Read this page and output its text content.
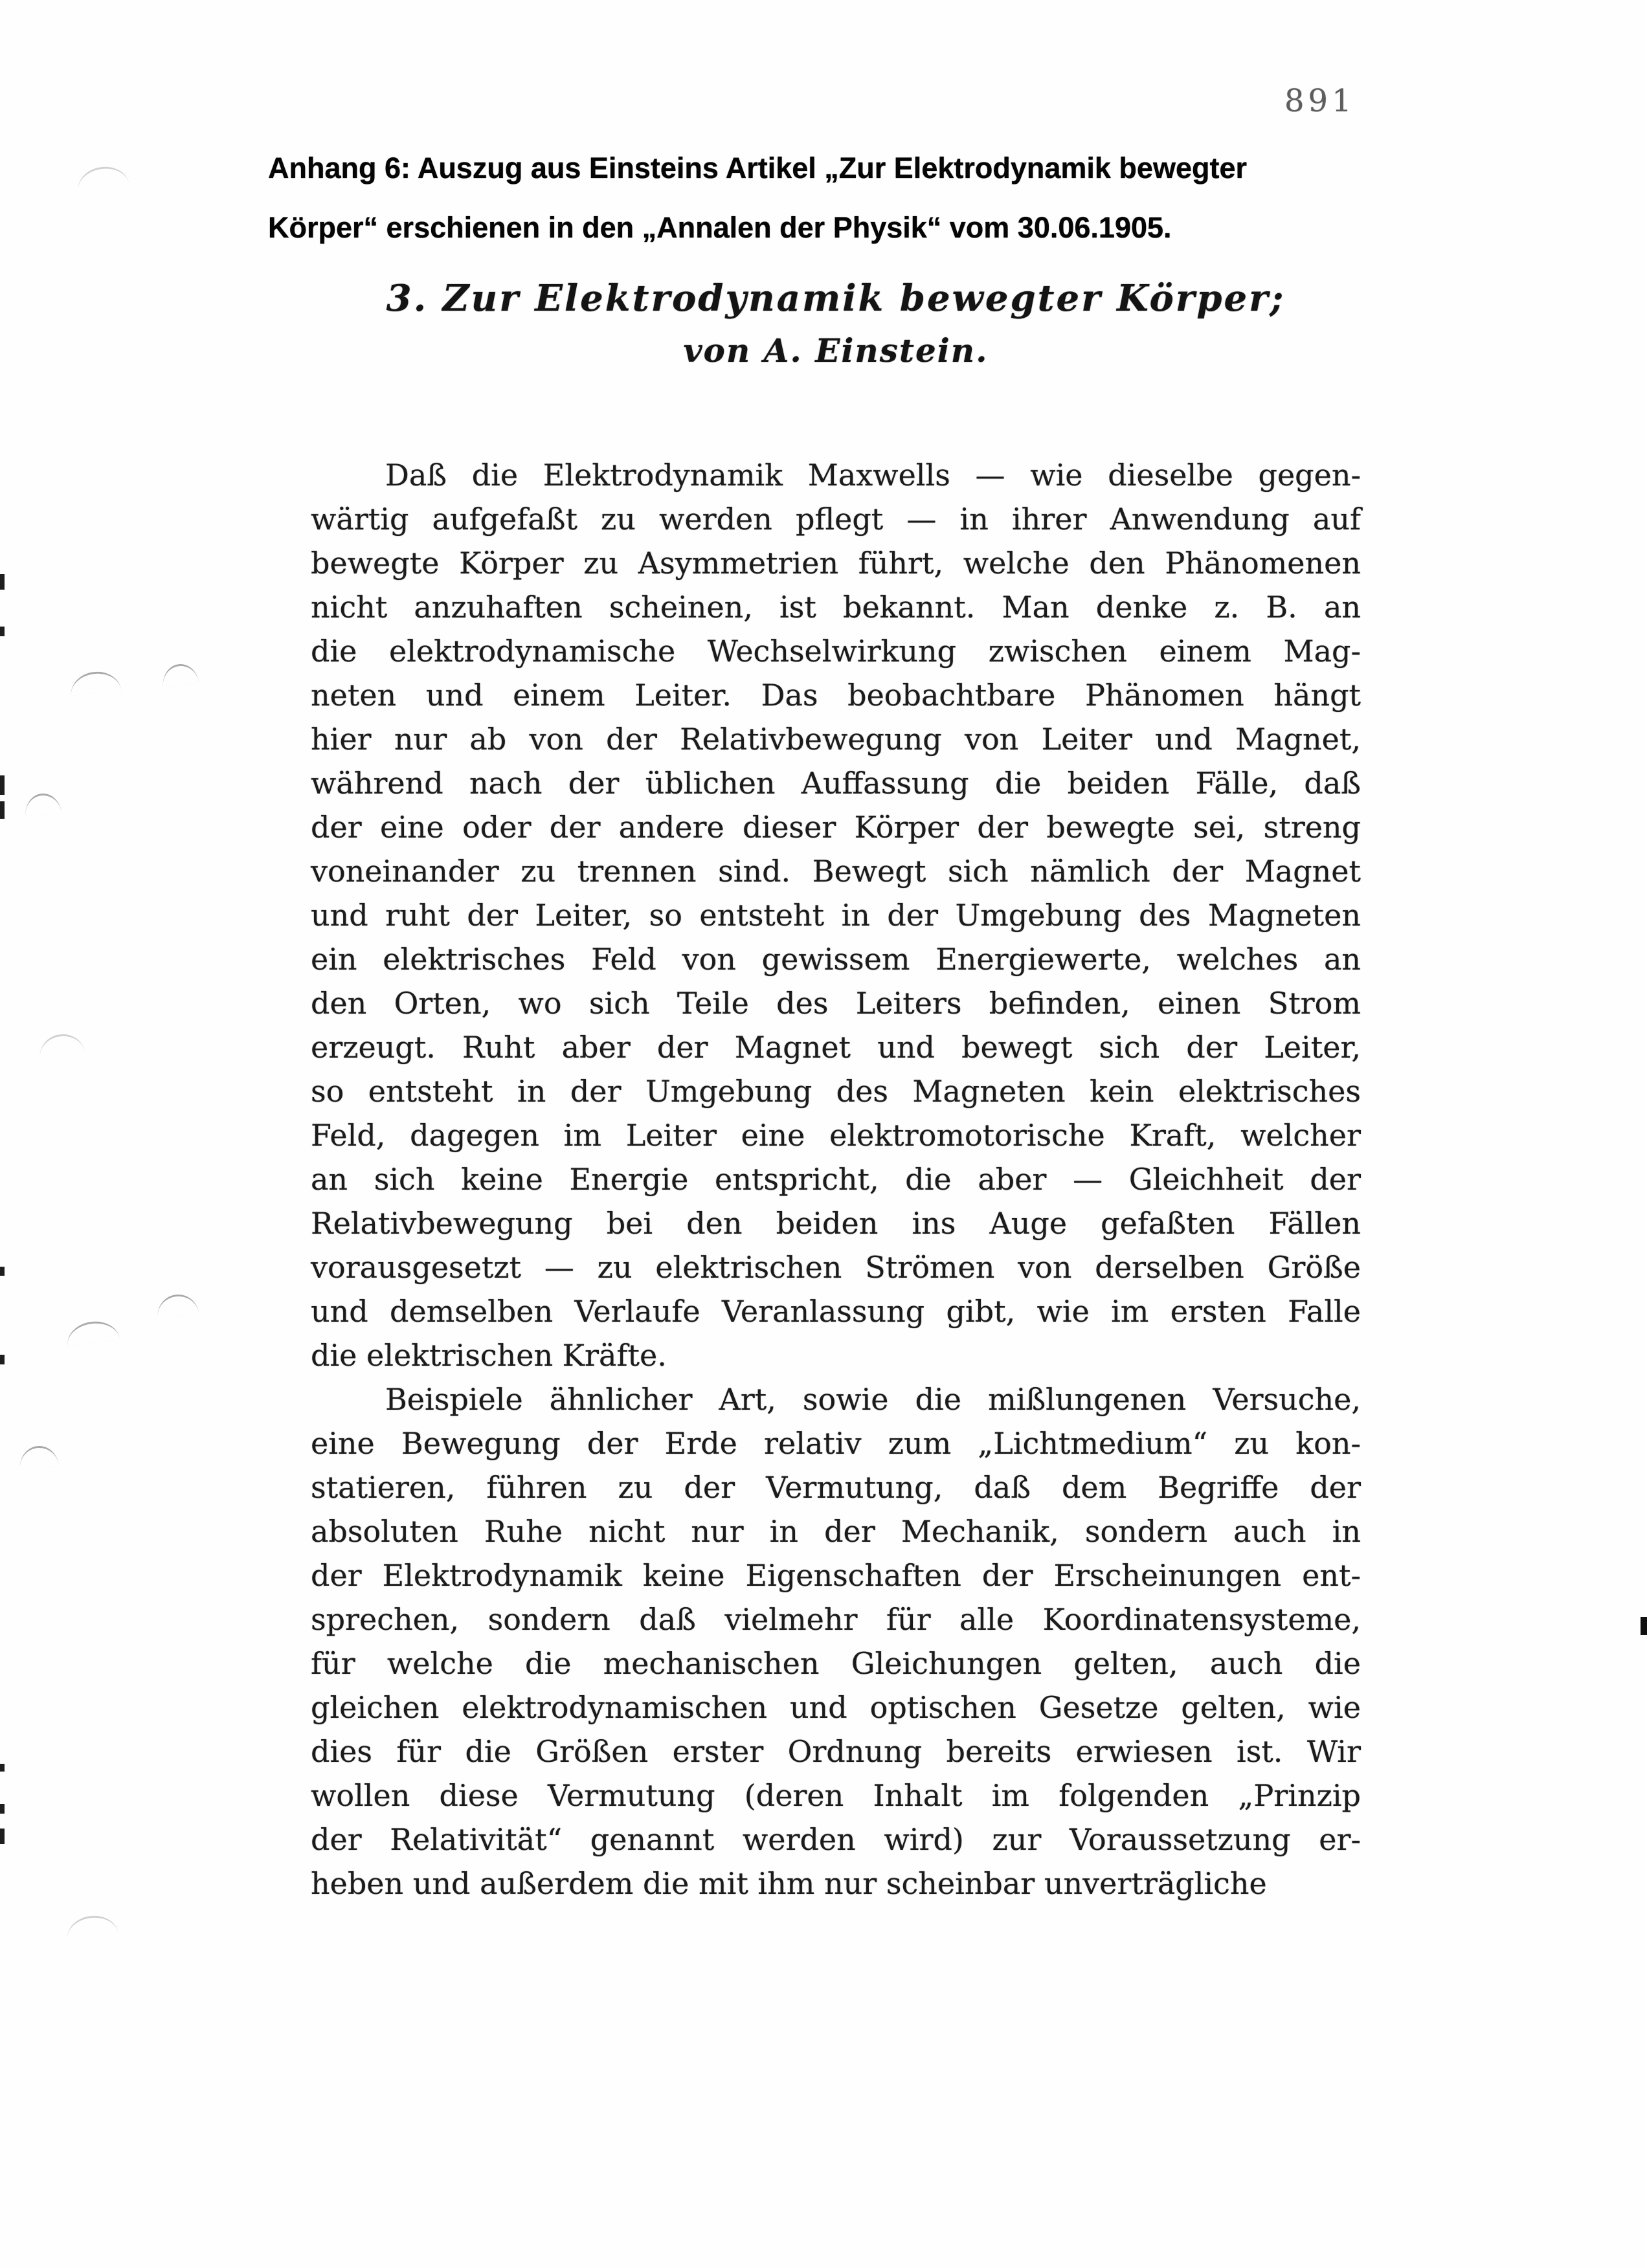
891
Anhang 6: Auszug aus Einsteins Artikel „Zur Elektrodynamik bewegter
Körper“ erschienen in den „Annalen der Physik“ vom 30.06.1905.
3. Zur Elektrodynamik bewegter Körper;
von A. Einstein.
Daß die Elektrodynamik Maxwells — wie dieselbe gegen-
wärtig aufgefaßt zu werden pflegt — in ihrer Anwendung auf
bewegte Körper zu Asymmetrien führt, welche den Phänomenen
nicht anzuhaften scheinen, ist bekannt. Man denke z. B. an
die elektrodynamische Wechselwirkung zwischen einem Mag-
neten und einem Leiter. Das beobachtbare Phänomen hängt
hier nur ab von der Relativbewegung von Leiter und Magnet,
während nach der üblichen Auffassung die beiden Fälle, daß
der eine oder der andere dieser Körper der bewegte sei, streng
voneinander zu trennen sind. Bewegt sich nämlich der Magnet
und ruht der Leiter, so entsteht in der Umgebung des Magneten
ein elektrisches Feld von gewissem Energiewerte, welches an
den Orten, wo sich Teile des Leiters befinden, einen Strom
erzeugt. Ruht aber der Magnet und bewegt sich der Leiter,
so entsteht in der Umgebung des Magneten kein elektrisches
Feld, dagegen im Leiter eine elektromotorische Kraft, welcher
an sich keine Energie entspricht, die aber — Gleichheit der
Relativbewegung bei den beiden ins Auge gefaßten Fällen
vorausgesetzt — zu elektrischen Strömen von derselben Größe
und demselben Verlaufe Veranlassung gibt, wie im ersten Falle
die elektrischen Kräfte.
Beispiele ähnlicher Art, sowie die mißlungenen Versuche,
eine Bewegung der Erde relativ zum „Lichtmedium“ zu kon-
statieren, führen zu der Vermutung, daß dem Begriffe der
absoluten Ruhe nicht nur in der Mechanik, sondern auch in
der Elektrodynamik keine Eigenschaften der Erscheinungen ent-
sprechen, sondern daß vielmehr für alle Koordinatensysteme,
für welche die mechanischen Gleichungen gelten, auch die
gleichen elektrodynamischen und optischen Gesetze gelten, wie
dies für die Größen erster Ordnung bereits erwiesen ist. Wir
wollen diese Vermutung (deren Inhalt im folgenden „Prinzip
der Relativität“ genannt werden wird) zur Voraussetzung er-
heben und außerdem die mit ihm nur scheinbar unverträgliche
